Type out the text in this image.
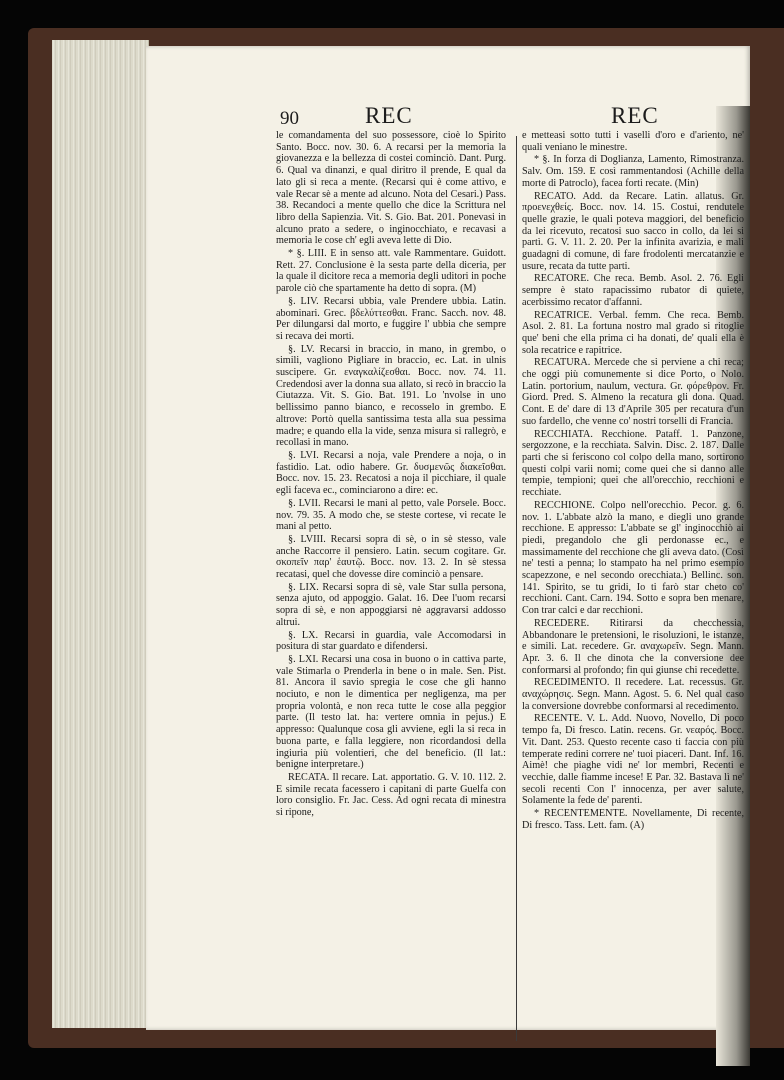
90	REC	REC

le comandamenta del suo possessore, cioè lo Spirito Santo. Bocc. nov. 30. 6. A recarsi per la memoria la giovanezza e la bellezza di costei cominciò. Dant. Purg. 6. Qual va dinanzi, e qual diritro il prende, E qual da lato gli si reca a mente. (Recarsi qui è come attivo, e vale Recar sè a mente ad alcuno. Nota del Cesari.) Pass. 38. Recandoci a mente quello che dice la Scrittura nel libro della Sapienzia. Vit. S. Gio. Bat. 201. Ponevasi in alcuno prato a sedere, o inginocchiato, e recavasi a memoria le cose ch' egli aveva lette di Dio.

* §. LIII. E in senso att. vale Rammentare. Guidott. Rett. 27. Conclusione è la sesta parte della diceria, per la quale il dicitore reca a memoria degli uditori in poche parole ciò che spartamente ha detto di sopra. (M)

§. LIV. Recarsi ubbia, vale Prendere ubbia. Latin. abominari. Grec. βδελύττεσθαι. Franc. Sacch. nov. 48. Per dilungarsi dal morto, e fuggire l' ubbia che sempre si recava dei morti.

§. LV. Recarsi in braccio, in mano, in grembo, o simili, vagliono Pigliare in braccio, ec. Lat. in ulnis suscipere. Gr. εναγκαλίζεσθαι. Bocc. nov. 74. 11. Credendosi aver la donna sua allato, si recò in braccio la Ciutazza. Vit. S. Gio. Bat. 191. Lo 'nvolse in uno bellissimo panno bianco, e recosselo in grembo. E altrove: Portò quella santissima testa alla sua pessima madre; e quando ella la vide, senza misura si rallegrò, e recollasi in mano.

§. LVI. Recarsi a noja, vale Prendere a noja, o in fastidio. Lat. odio habere. Gr. δυσμενῶς διακεῖσθαι. Bocc. nov. 15. 23. Recatosi a noja il picchiare, il quale egli faceva ec., cominciarono a dire: ec.

§. LVII. Recarsi le mani al petto, vale Porsele. Bocc. nov. 79. 35. A modo che, se steste cortese, vi recate le mani al petto.

§. LVIII. Recarsi sopra di sè, o in sè stesso, vale anche Raccorre il pensiero. Latin. secum cogitare. Gr. σκοπεῖν παρ' ἑαυτῷ. Bocc. nov. 13. 2. In sè stessa recatasi, quel che dovesse dire cominciò a pensare.

§. LIX. Recarsi sopra di sè, vale Star sulla persona, senza ajuto, od appoggio. Galat. 16. Dee l'uom recarsi sopra di sè, e non appoggiarsi nè aggravarsi addosso altrui.

§. LX. Recarsi in guardia, vale Accomodarsi in positura di star guardato e difendersi.

§. LXI. Recarsi una cosa in buono o in cattiva parte, vale Stimarla o Prenderla in bene o in male. Sen. Pist. 81. Ancora il savio spregia le cose che gli hanno nociuto, e non le dimentica per negligenza, ma per propria volontà, e non reca tutte le cose alla peggior parte. (Il testo lat. ha: vertere omnia in pejus.) E appresso: Qualunque cosa gli avviene, egli la si reca in buona parte, e falla leggiere, non ricordandosi della ingiuria più volentieri, che del beneficio. (Il lat.: benigne interpretare.)

RECATA. Il recare. Lat. apportatio. G. V. 10. 112. 2. E simile recata facessero i capitani di parte Guelfa con loro consiglio. Fr. Jac. Cess. Ad ogni recata di minestra si ripone,

e metteasi sotto tutti i vaselli d'oro e d'ariento, ne' quali veniano le minestre.

* §. In forza di Doglianza, Lamento, Rimostranza. Salv. Om. 159. E così rammentandosi (Achille della morte di Patroclo), facea forti recate. (Min)

RECATO. Add. da Recare. Latin. allatus. Gr. προενεχθείς. Bocc. nov. 14. 15. Costui, rendutele quelle grazie, le quali poteva maggiori, del beneficio da lei ricevuto, recatosi suo sacco in collo, da lei si partì. G. V. 11. 2. 20. Per la infinita avarizia, e mali guadagni di comune, di fare frodolenti mercatanzie e usure, recata da tutte parti.

RECATORE. Che reca. Bemb. Asol. 2. 76. Egli sempre è stato rapacissimo rubator di quiete, acerbissimo recator d'affanni.

RECATRICE. Verbal. femm. Che reca. Bemb. Asol. 2. 81. La fortuna nostro mal grado si ritoglie que' beni che ella prima ci ha donati, de' quali ella è sola recatrice e rapitrice.

RECATURA. Mercede che si perviene a chi reca; che oggi più comunemente si dice Porto, o Nolo. Latin. portorium, naulum, vectura. Gr. φόρεθρον. Fr. Giord. Pred. S. Almeno la recatura gli dona. Quad. Cont. E de' dare di 13 d'Aprile 305 per recatura d'un suo fardello, che venne co' nostri torselli di Francia.

RECCHIATA. Recchione. Pataff. 1. Panzone, sergozzone, e la recchiata. Salvin. Disc. 2. 187. Dalle parti che si feriscono col colpo della mano, sortirono questi colpi varii nomi; come quei che si danno alle tempie, tempioni; quei che all'orecchio, recchioni e recchiate.

RECCHIONE. Colpo nell'orecchio. Pecor. g. 6. nov. 1. L'abbate alzò la mano, e diegli uno grande recchione. E appresso: L'abbate se gl' inginocchiò ai piedi, pregandolo che gli perdonasse ec., e massimamente del recchione che gli aveva dato. (Così ne' testi a penna; lo stampato ha nel primo esempio scapezzone, e nel secondo orecchiata.) Bellinc. son. 141. Spirito, se tu gridi, Io ti farò star cheto co' recchioni. Cant. Carn. 194. Sotto e sopra ben menare, Con trar calci e dar recchioni.

RECEDERE. Ritirarsi da checchessia, Abbandonare le pretensioni, le risoluzioni, le istanze, e simili. Lat. recedere. Gr. αναχωρεῖν. Segn. Mann. Apr. 3. 6. Il che dinota che la conversione dee conformarsi al profondo; fin qui giunse chi recedette.

RECEDIMENTO. Il recedere. Lat. recessus. Gr. αναχώρησις. Segn. Mann. Agost. 5. 6. Nel qual caso la conversione dovrebbe conformarsi al recedimento.

RECENTE. V. L. Add. Nuovo, Novello, Di poco tempo fa, Di fresco. Latin. recens. Gr. νεαρός. Bocc. Vit. Dant. 253. Questo recente caso ti faccia con più temperate redini correre ne' tuoi piaceri. Dant. Inf. 16. Aimè! che piaghe vidi ne' lor membri, Recenti e vecchie, dalle fiamme incese! E Par. 32. Bastava lì ne' secoli recenti Con l' innocenza, per aver salute, Solamente la fede de' parenti.

* RECENTEMENTE. Novellamente, Di recente, Di fresco. Tass. Lett. fam. (A)
